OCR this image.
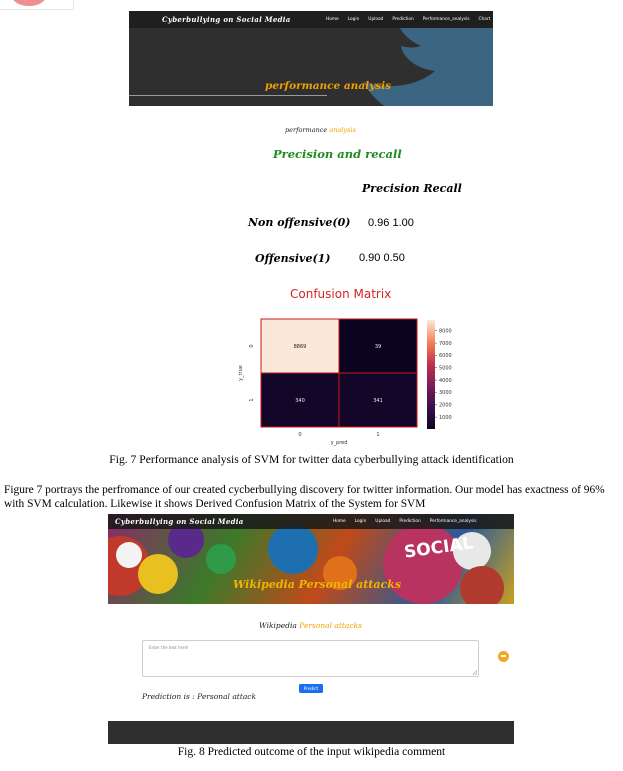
Cyberbullying on Social Media	Home Login Upload Prediction Performance_analysis Chart
performance analysis
performance analysis
Precision and recall
Precision Recall
Non offensive(0) 0.96 1.00
Offensive(1)	0.90 0.50
Confusion Matrix
8869	39
340	341
8000
7000
6000
5000
4000
3000
2000
1000
0	1
0
1
y_pred
y_true
Fig. 7 Performance analysis of SVM for twitter data cyberbullying attack identification
Figure 7 portrays the perfromance of our created cycberbullying discovery for twitter information. Our model has exactness of 96% with SVM calculation. Likewise it shows Derived Confusion Matrix of the System for SVM
Cyberbullying on Social Media	Home Login Upload Prediction Performance_analysis
SOCIAL
Wikipedia Personal attacks
Wikipedia Personal attacks
Enter the text here!
Predict
Prediction is : Personal attack
Fig. 8 Predicted outcome of the input wikipedia comment
